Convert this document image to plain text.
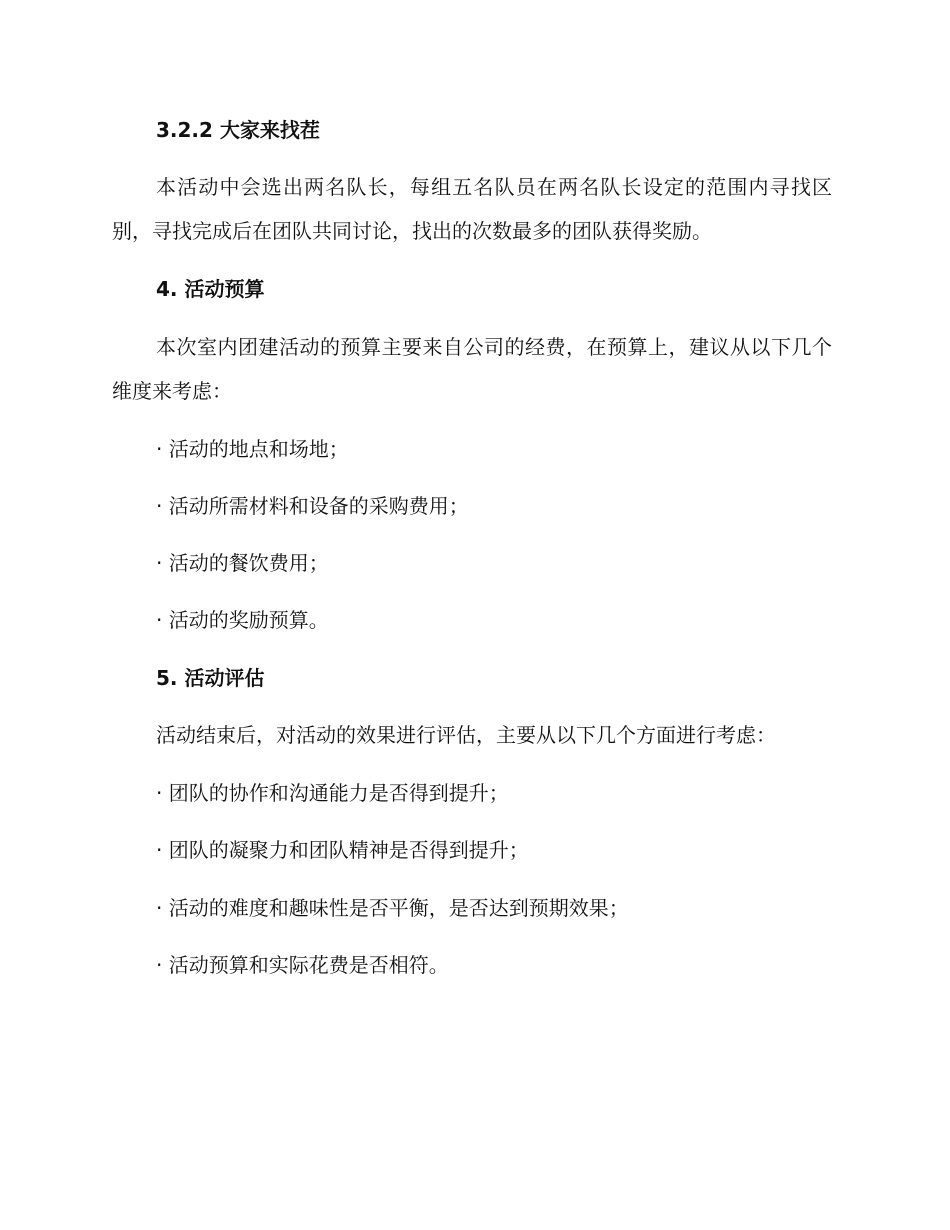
3.2.2 大家来找茬

本活动中会选出两名队长，每组五名队员在两名队长设定的范围内寻找区别，寻找完成后在团队共同讨论，找出的次数最多的团队获得奖励。

4. 活动预算

本次室内团建活动的预算主要来自公司的经费，在预算上，建议从以下几个维度来考虑：

· 活动的地点和场地；
· 活动所需材料和设备的采购费用；
· 活动的餐饮费用；
· 活动的奖励预算。
5. 活动评估
活动结束后，对活动的效果进行评估，主要从以下几个方面进行考虑：
· 团队的协作和沟通能力是否得到提升；
· 团队的凝聚力和团队精神是否得到提升；
· 活动的难度和趣味性是否平衡，是否达到预期效果；
· 活动预算和实际花费是否相符。
